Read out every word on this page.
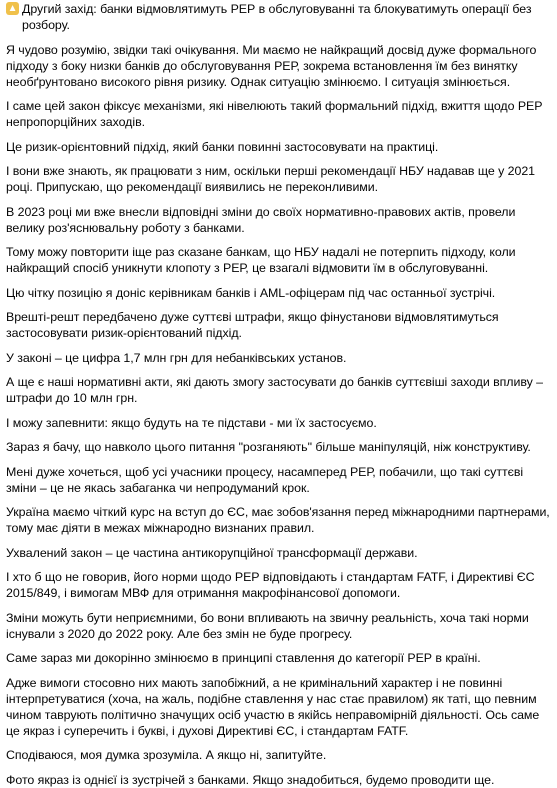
▲ Другий захід: банки відмовлятимуть РЕР в обслуговуванні та блокуватимуть операції без розбору.

Я чудово розумію, звідки такі очікування. Ми маємо не найкращий досвід дуже формального підходу з боку низки банків до обслуговування РЕР, зокрема встановлення їм без винятку необґрунтовано високого рівня ризику. Однак ситуацію змінюємо. І ситуація змінюється.

І саме цей закон фіксує механізми, які нівелюють такий формальний підхід, вжиття щодо РЕР непропорційних заходів.

Це ризик-орієнтовний підхід, який банки повинні застосовувати на практиці.

І вони вже знають, як працювати з ним, оскільки перші рекомендації НБУ надавав ще у 2021 році. Припускаю, що рекомендації виявились не переконливими.

В 2023 році ми вже внесли відповідні зміни до своїх нормативно-правових актів, провели велику роз'яснювальну роботу з банками.

Тому можу повторити іще раз сказане банкам, що НБУ надалі не потерпить підходу, коли найкращий спосіб уникнути клопоту з РЕР, це взагалі відмовити їм в обслуговуванні.

Цю чітку позицію я доніс керівникам банків і AML-офіцерам під час останньої зустрічі.

Врешті-решт передбачено дуже суттєві штрафи, якщо фінустанови відмовлятимуться застосовувати ризик-орієнтований підхід.

У законі – це цифра 1,7 млн грн для небанківських установ.

А ще є наші нормативні акти, які дають змогу застосувати до банків суттєвіші заходи впливу – штрафи до 10 млн грн.

І можу запевнити: якщо будуть на те підстави - ми їх застосуємо.

Зараз я бачу, що навколо цього питання "розганяють" більше маніпуляцій, ніж конструктиву.

Мені дуже хочеться, щоб усі учасники процесу, насамперед РЕР, побачили, що такі суттєві зміни – це не якась забаганка чи непродуманий крок.

Україна маємо чіткий курс на вступ до ЄС, має зобов'язання перед міжнародними партнерами, тому має діяти в межах міжнародно визнаних правил.

Ухвалений закон – це частина антикорупційної трансформації держави.

І хто б що не говорив, його норми щодо РЕР відповідають і стандартам FATF, і Директиві ЄС 2015/849, і вимогам МВФ для отримання макрофінансової допомоги.

Зміни можуть бути неприємними, бо вони впливають на звичну реальність, хоча такі норми існували з 2020 до 2022 року. Але без змін не буде прогресу.

Саме зараз ми докорінно змінюємо в принципі ставлення до категорії РЕР в країні.

Адже вимоги стосовно них мають запобіжний, а не кримінальний характер і не повинні інтерпретуватися (хоча, на жаль, подібне ставлення у нас стає правилом) як таті, що певним чином таврують політично значущих осіб участю в якійсь неправомірній діяльності. Ось саме це якраз і суперечить і букві, і духові Директиві ЄС, і стандартам FATF.

Сподіваюся, моя думка зрозуміла. А якщо ні, запитуйте.

Фото якраз із однієї із зустрічей з банками. Якщо знадобиться, будемо проводити ще.
